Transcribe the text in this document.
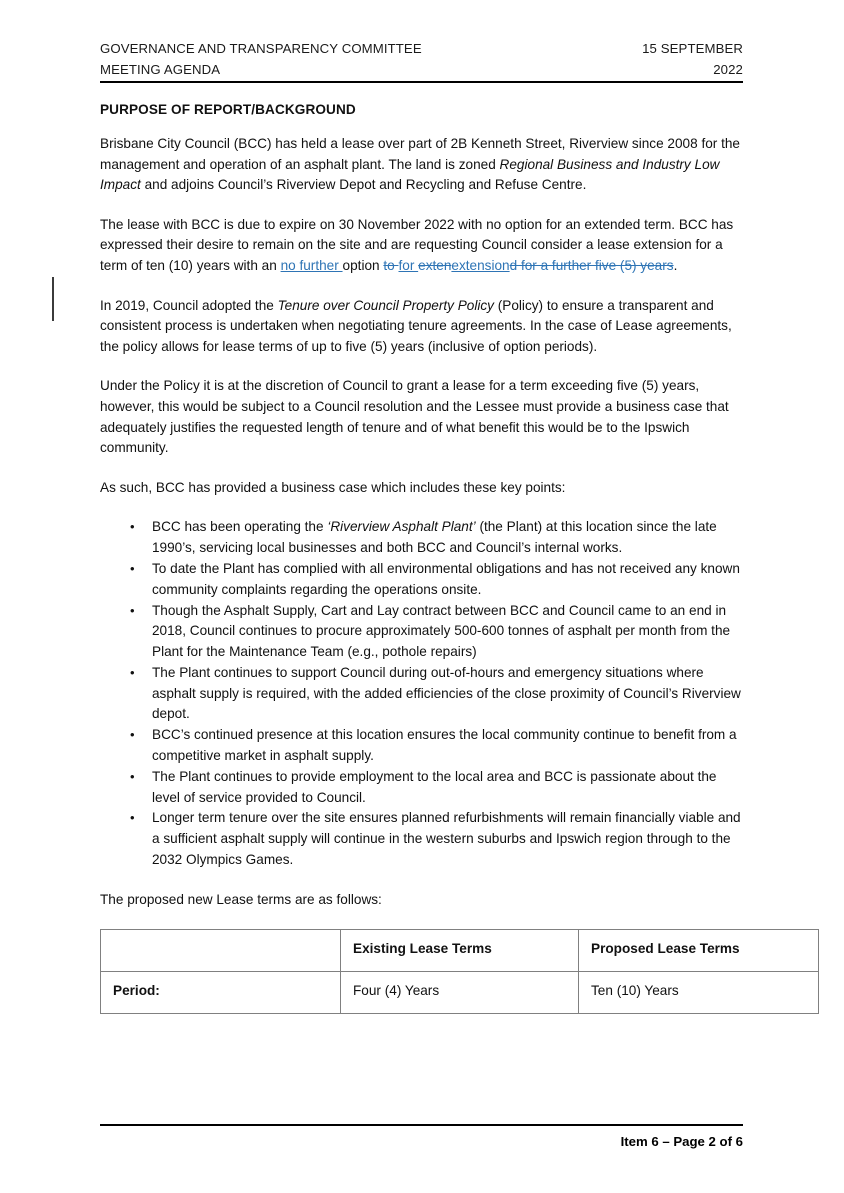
GOVERNANCE AND TRANSPARENCY COMMITTEE	15 SEPTEMBER
MEETING AGENDA	2022
PURPOSE OF REPORT/BACKGROUND

Brisbane City Council (BCC) has held a lease over part of 2B Kenneth Street, Riverview since 2008 for the management and operation of an asphalt plant. The land is zoned Regional Business and Industry Low Impact and adjoins Council’s Riverview Depot and Recycling and Refuse Centre.

The lease with BCC is due to expire on 30 November 2022 with no option for an extended term. BCC has expressed their desire to remain on the site and are requesting Council consider a lease extension for a term of ten (10) years with an no further option to for extenextensiond for a further five (5) years.

In 2019, Council adopted the Tenure over Council Property Policy (Policy) to ensure a transparent and consistent process is undertaken when negotiating tenure agreements. In the case of Lease agreements, the policy allows for lease terms of up to five (5) years (inclusive of option periods).

Under the Policy it is at the discretion of Council to grant a lease for a term exceeding five (5) years, however, this would be subject to a Council resolution and the Lessee must provide a business case that adequately justifies the requested length of tenure and of what benefit this would be to the Ipswich community.

As such, BCC has provided a business case which includes these key points:

• BCC has been operating the ‘Riverview Asphalt Plant’ (the Plant) at this location since the late 1990’s, servicing local businesses and both BCC and Council’s internal works.
• To date the Plant has complied with all environmental obligations and has not received any known community complaints regarding the operations onsite.
• Though the Asphalt Supply, Cart and Lay contract between BCC and Council came to an end in 2018, Council continues to procure approximately 500-600 tonnes of asphalt per month from the Plant for the Maintenance Team (e.g., pothole repairs)
• The Plant continues to support Council during out-of-hours and emergency situations where asphalt supply is required, with the added efficiencies of the close proximity of Council’s Riverview depot.
• BCC’s continued presence at this location ensures the local community continue to benefit from a competitive market in asphalt supply.
• The Plant continues to provide employment to the local area and BCC is passionate about the level of service provided to Council.
• Longer term tenure over the site ensures planned refurbishments will remain financially viable and a sufficient asphalt supply will continue in the western suburbs and Ipswich region through to the 2032 Olympics Games.

The proposed new Lease terms are as follows:

	Existing Lease Terms	Proposed Lease Terms
Period:	Four (4) Years	Ten (10) Years
Item 6 – Page 2 of 6
